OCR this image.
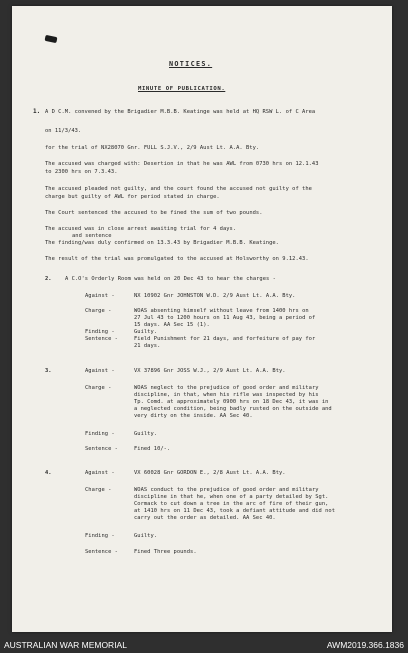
NOTICES.
MINUTE OF PUBLICATION.
1. A D C.M. convened by the Brigadier M.B.B. Keatinge was held at HQ RSW L. of C Area
on 11/3/43.
for the trial of NX28070 Gnr. FULL S.J.V., 2/9 Aust Lt. A.A. Bty.
The accused was charged with: Desertion in that he was AWL from 0730 hrs on 12.1.43
to 2300 hrs on 7.3.43.
The accused pleaded not guilty, and the court found the accused not guilty of the
charge but guilty of AWL for period stated in charge.
The Court sentenced the accused to be fined the sum of two pounds.
The accused was in close arrest awaiting trial for 4 days.
and sentence
The finding/was duly confirmed on 13.3.43 by Brigadier M.B.B. Keatinge.
The result of the trial was promulgated to the accused at Holsworthy on 9.12.43.
2. A C.O's Orderly Room was held on 20 Dec 43 to hear the charges -
Against -	NX 10902 Gnr JOHNSTON W.D. 2/9 Aust Lt. A.A. Bty.
Charge -	WOAS absenting himself without leave from 1400 hrs on
27 Jul 43 to 1200 hours on 11 Aug 43, being a period of
15 days. AA Sec 15 (1).
Finding -	Guilty.
Sentence -	Field Punishment for 21 days, and forfeiture of pay for
21 days.
3.	Against -	VX 37896 Gnr JOSS W.J., 2/9 Aust Lt. A.A. Bty.
Charge -	WOAS neglect to the prejudice of good order and military
discipline, in that, when his rifle was inspected by his
Tp. Comd. at approximately 0900 hrs on 18 Dec 43, it was in
a neglected condition, being badly rusted on the outside and
very dirty on the inside. AA Sec 40.
Finding -	Guilty.
Sentence -	Fined 10/-.
4.	Against -	VX 60028 Gnr GORDON E., 2/8 Aust Lt. A.A. Bty.
Charge -	WOAS conduct to the prejudice of good order and military
discipline in that he, when one of a party detailed by Sgt.
Cormack to cut down a tree in the arc of fire of their gun,
at 1410 hrs on 11 Dec 43, took a defiant attitude and did not
carry out the order as detailed. AA Sec 40.
Finding -	Guilty.
Sentence -	Fined Three pounds.
AUSTRALIAN WAR MEMORIAL	AWM2019.366.1836
